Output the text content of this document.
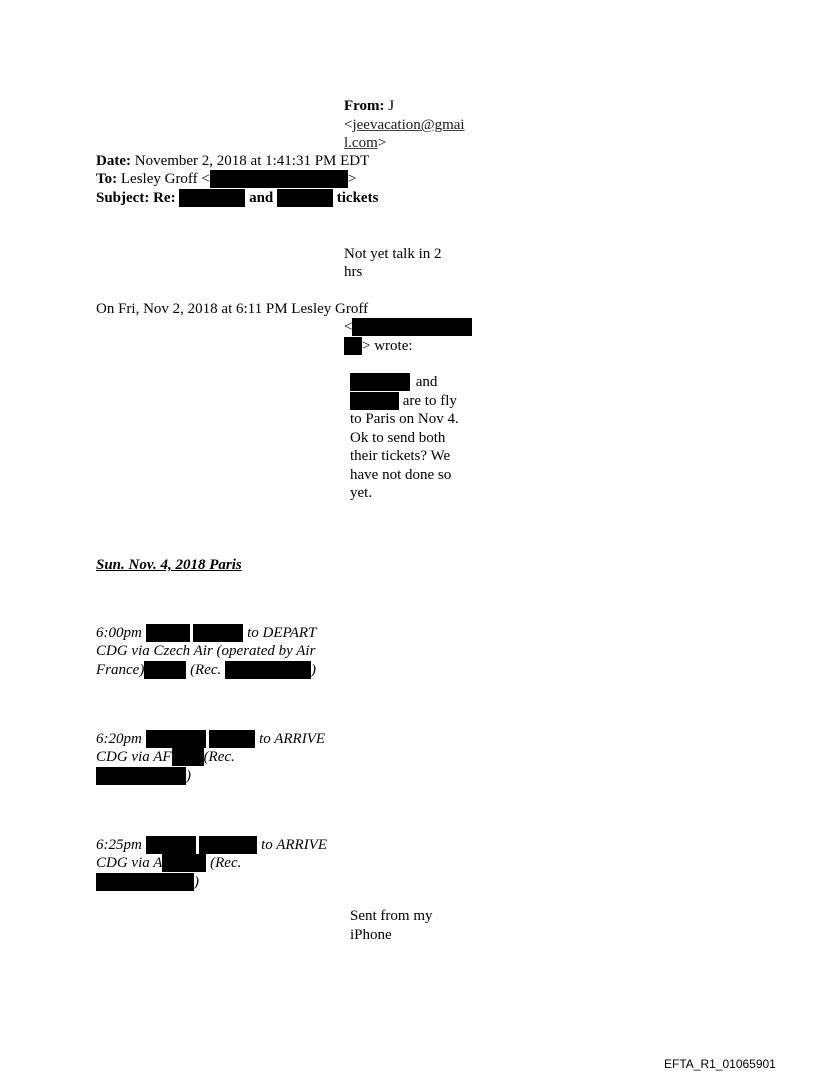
From: J
<jeevacation@gmai
l.com>
Date: November 2, 2018 at 1:41:31 PM EDT
To: Lesley Groff <	>
Subject: Re:	and	tickets
Not yet talk in 2
hrs
On Fri, Nov 2, 2018 at 6:11 PM Lesley Groff
<
> wrote:
and
are to fly
to Paris on Nov 4.
Ok to send both
their tickets? We
have not done so
yet.
Sun. Nov. 4, 2018 Paris
6:00pm	to DEPART
CDG via Czech Air (operated by Air
France)	(Rec.	)
6:20pm	to ARRIVE
CDG via AF (Rec.
)
6:25pm	to ARRIVE
CDG via A	(Rec.
)
Sent from my
iPhone
EFTA_R1_01065901
